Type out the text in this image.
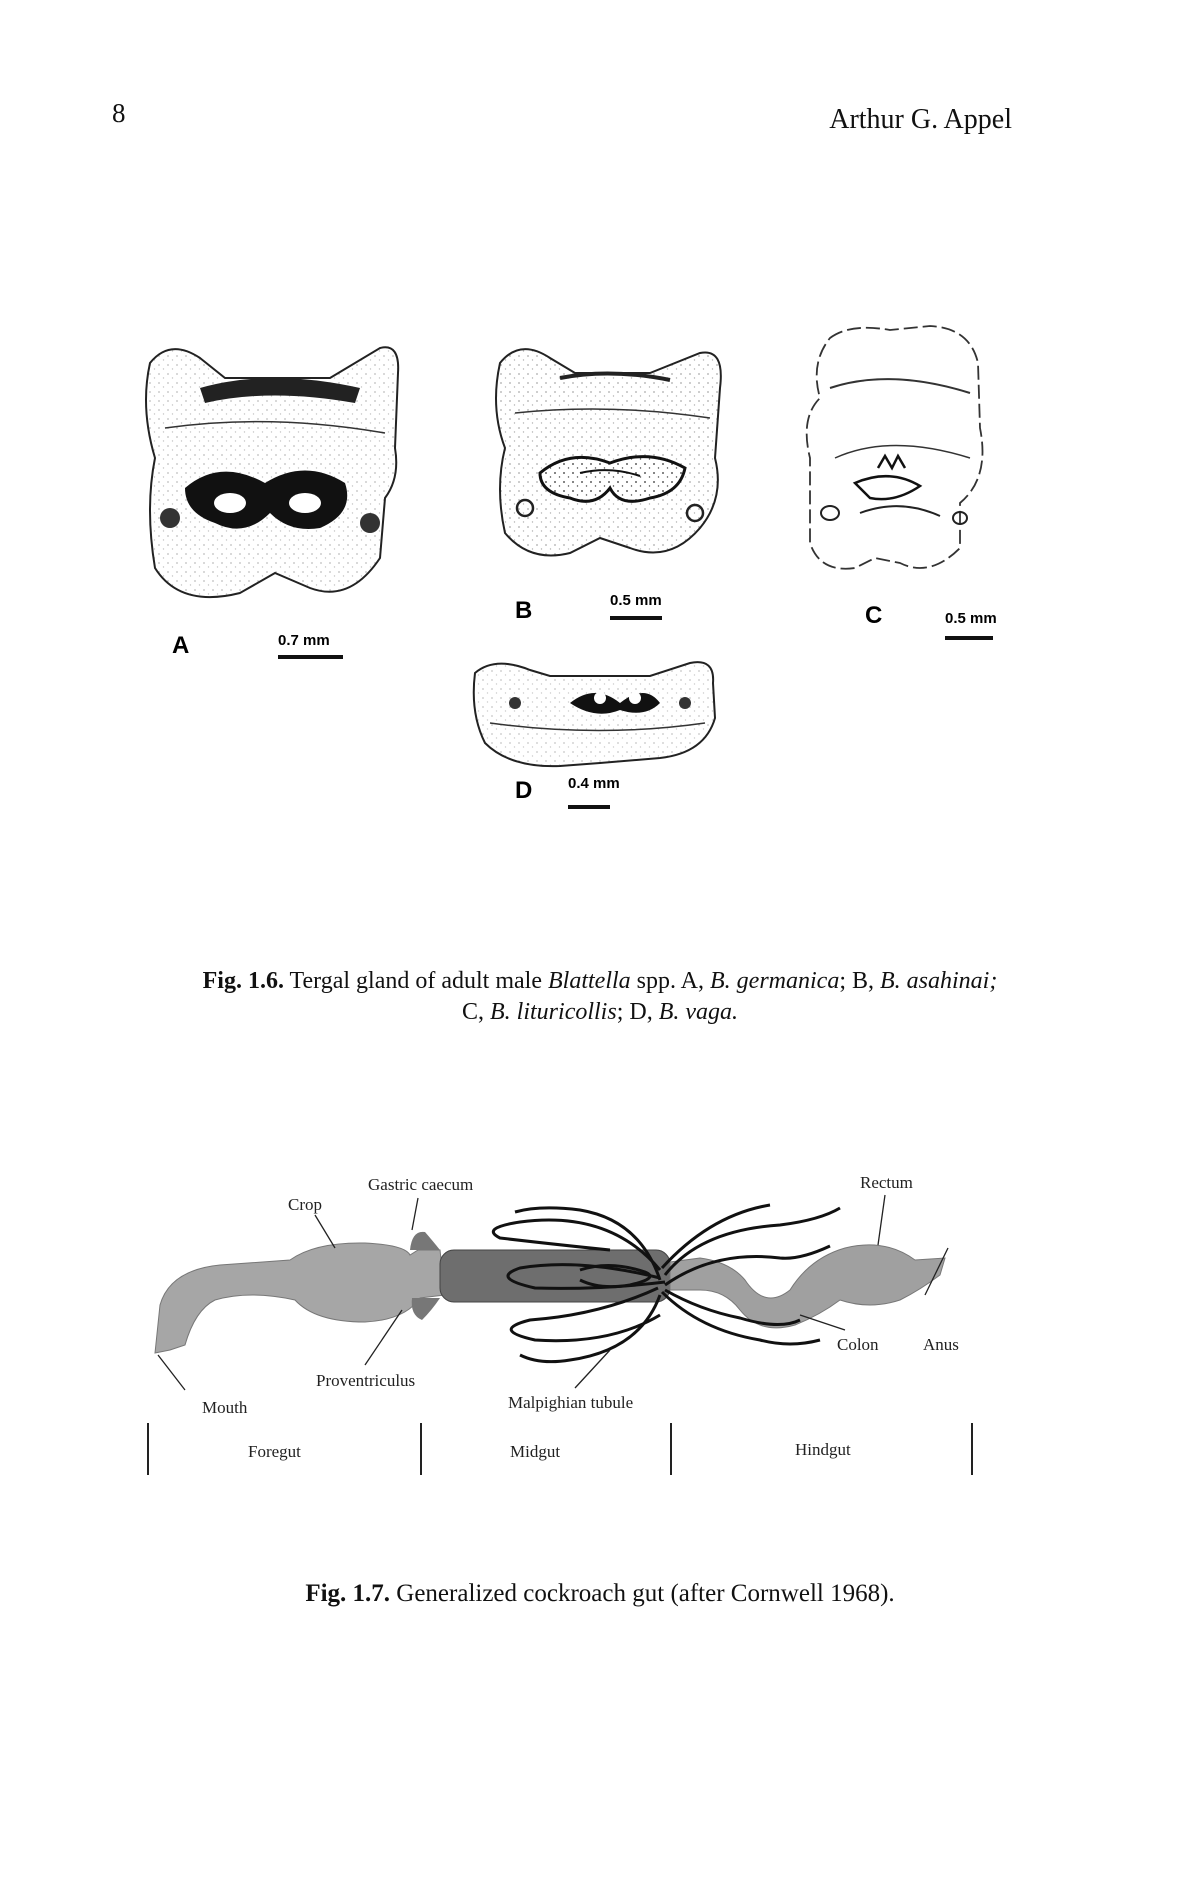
8	Arthur G. Appel
A	0.7 mm
B	0.5 mm
C	0.5 mm
D 0.4 mm
Fig. 1.6. Tergal gland of adult male Blattella spp. A, B. germanica; B, B. asahinai;
C, B. lituricollis; D, B. vaga.
Gastric caecum
Crop
Rectum
Anus
Colon
Proventriculus
Mouth	Malpighian tubule
Foregut	Midgut	Hindgut
Fig. 1.7. Generalized cockroach gut (after Cornwell 1968).
